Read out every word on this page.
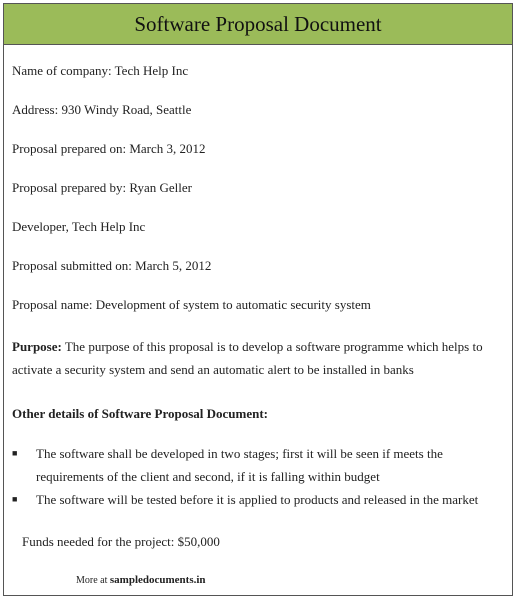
Software Proposal Document
Name of company: Tech Help Inc
Address: 930 Windy Road, Seattle
Proposal prepared on: March 3, 2012
Proposal prepared by: Ryan Geller
Developer, Tech Help Inc
Proposal submitted on: March 5, 2012
Proposal name: Development of system to automatic security system
Purpose: The purpose of this proposal is to develop a software programme which helps to activate a security system and send an automatic alert to be installed in banks
Other details of Software Proposal Document:
■	The software shall be developed in two stages; first it will be seen if meets the requirements of the client and second, if it is falling within budget
■	The software will be tested before it is applied to products and released in the market
Funds needed for the project: $50,000
More at sampledocuments.in
